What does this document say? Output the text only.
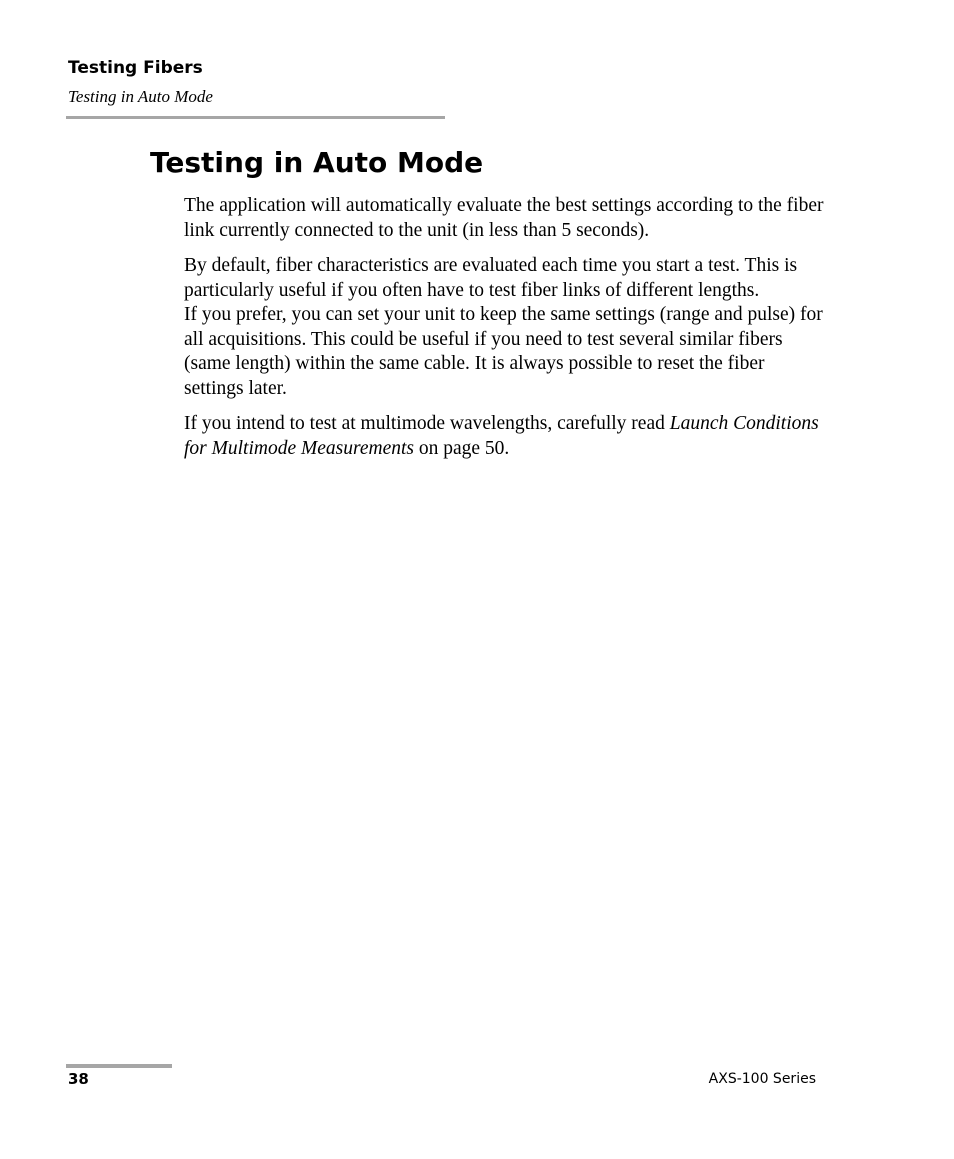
Testing Fibers
Testing in Auto Mode
Testing in Auto Mode

The application will automatically evaluate the best settings according to the fiber link currently connected to the unit (in less than 5 seconds).

By default, fiber characteristics are evaluated each time you start a test. This is particularly useful if you often have to test fiber links of different lengths.

If you prefer, you can set your unit to keep the same settings (range and pulse) for all acquisitions. This could be useful if you need to test several similar fibers (same length) within the same cable. It is always possible to reset the fiber settings later.

If you intend to test at multimode wavelengths, carefully read Launch Conditions for Multimode Measurements on page 50.

38	AXS-100 Series
